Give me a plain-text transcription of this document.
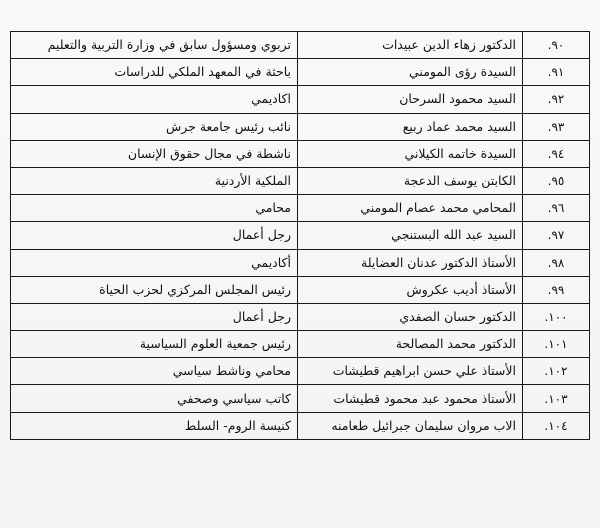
٩٠.	الدكتور زهاء الدين عبيدات	تربوي ومسؤول سابق في وزارة التربية والتعليم
٩١.	السيدة رؤى المومني	باحثة في المعهد الملكي للدراسات
٩٢.	السيد محمود السرحان	اكاديمي
٩٣.	السيد محمد عماد ربيع	نائب رئيس جامعة جرش
٩٤.	السيدة خاتمه الكيلاني	ناشطة في مجال حقوق الإنسان
٩٥.	الكابتن يوسف الدعجة	الملكية الأردنية
٩٦.	المحامي محمد عصام المومني	محامي
٩٧.	السيد عبد الله البستنجي	رجل أعمال
٩٨.	الأستاذ الدكتور عدنان العضايلة	أكاديمي
٩٩.	الأستاذ أديب عكروش	رئيس المجلس المركزي لحزب الحياة
١٠٠.	الدكتور حسان الصفدي	رجل أعمال
١٠١.	الدكتور محمد المصالحة	رئيس جمعية العلوم السياسية
١٠٢.	الأستاذ علي حسن ابراهيم قطيشات	محامي وناشط سياسي
١٠٣.	الأستاذ محمود عبد محمود قطيشات	كاتب سياسي وصحفي
١٠٤.	الاب مروان سليمان جبرائيل طعامنه	كنيسة الروم- السلط
